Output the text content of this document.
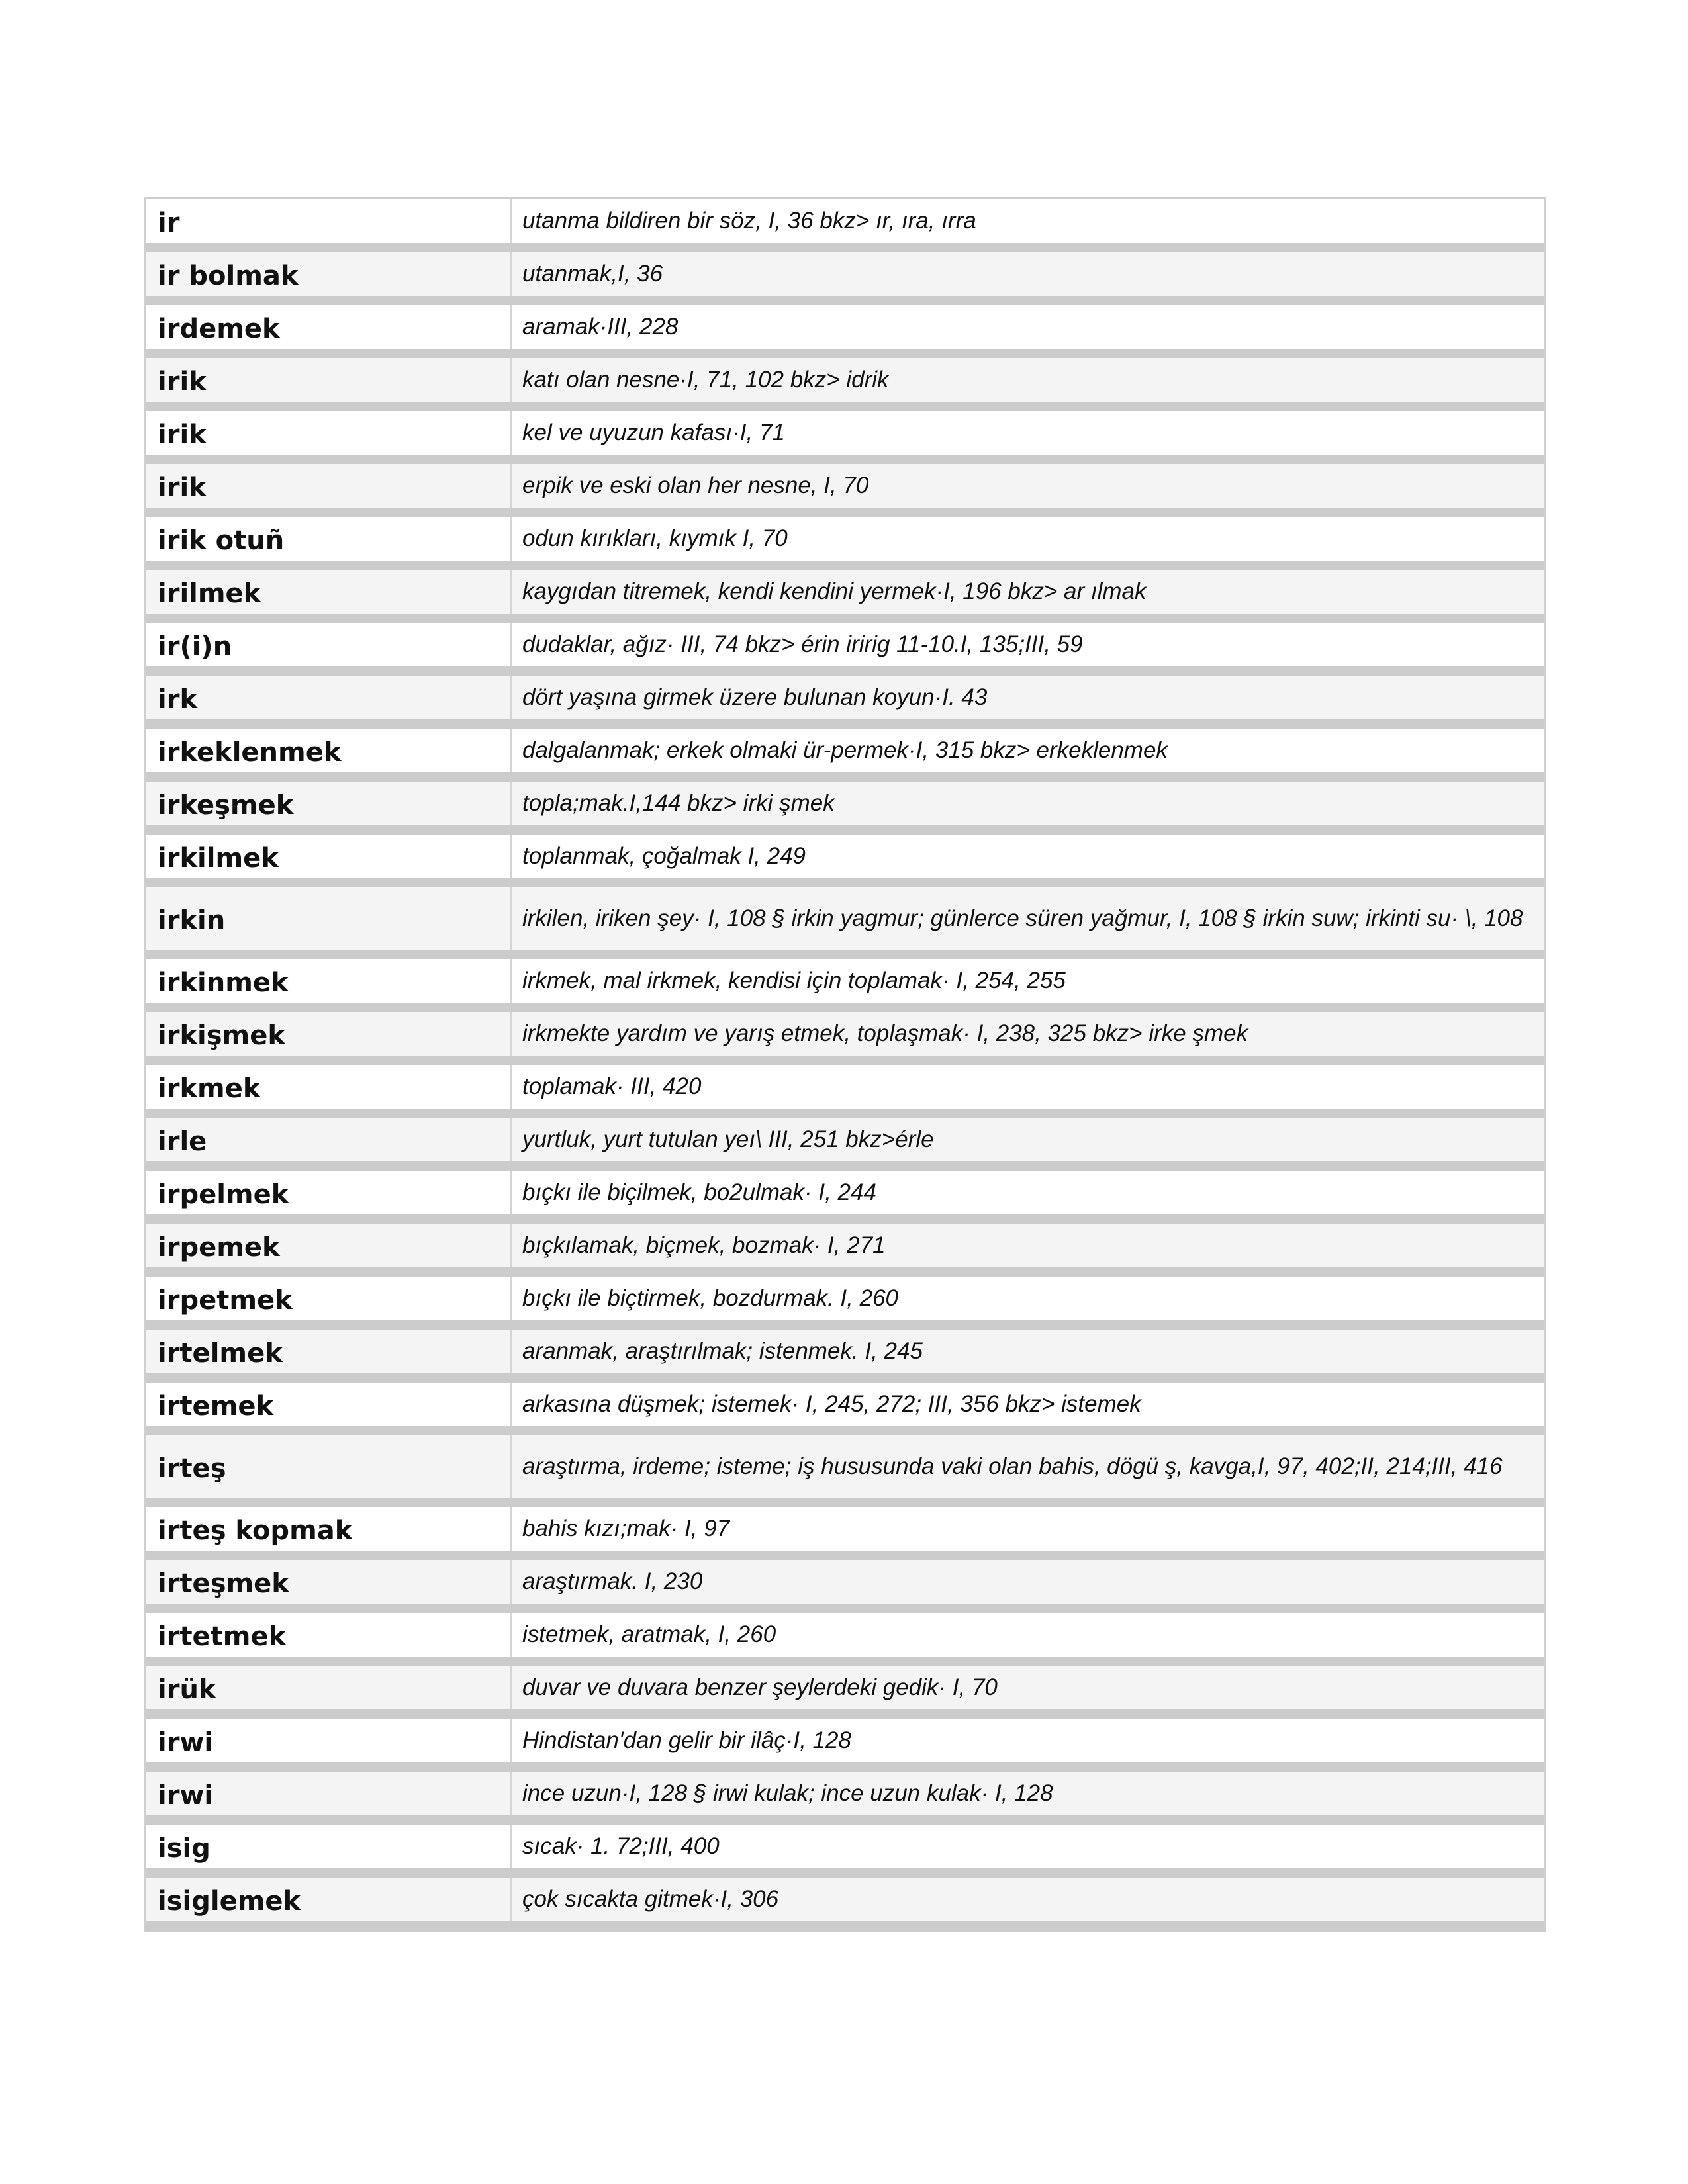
ir	utanma bildiren bir söz, I, 36 bkz> ır, ıra, ırra
ir bolmak	utanmak,I, 36
irdemek	aramak·III, 228
irik	katı olan nesne·I, 71, 102 bkz> idrik
irik	kel ve uyuzun kafası·I, 71
irik	erpik ve eski olan her nesne, I, 70
irik otuñ	odun kırıkları, kıymık I, 70
irilmek	kaygıdan titremek, kendi kendini yermek·I, 196 bkz> ar ılmak
ir(i)n	dudaklar, ağız· III, 74 bkz> érin iririg 11-10.I, 135;III, 59
irk	dört yaşına girmek üzere bulunan koyun·I. 43
irkeklenmek	dalgalanmak; erkek olmaki ür-permek·I, 315 bkz> erkeklenmek
irkeşmek	topla;mak.I,144 bkz> irki şmek
irkilmek	toplanmak, çoğalmak I, 249
irkin	irkilen, iriken şey· I, 108 § irkin yagmur; günlerce süren yağmur, I, 108 § irkin suw; irkinti su· \, 108
irkinmek	irkmek, mal irkmek, kendisi için toplamak· I, 254, 255
irkişmek	irkmekte yardım ve yarış etmek, toplaşmak· I, 238, 325 bkz> irke şmek
irkmek	toplamak· III, 420
irle	yurtluk, yurt tutulan yeı\ III, 251 bkz>érle
irpelmek	bıçkı ile biçilmek, bo2ulmak· I, 244
irpemek	bıçkılamak, biçmek, bozmak· I, 271
irpetmek	bıçkı ile biçtirmek, bozdurmak. I, 260
irtelmek	aranmak, araştırılmak; istenmek. I, 245
irtemek	arkasına düşmek; istemek· I, 245, 272; III, 356 bkz> istemek
irteş	araştırma, irdeme; isteme; iş hususunda vaki olan bahis, dögü ş, kavga,I, 97, 402;II, 214;III, 416
irteş kopmak	bahis kızı;mak· I, 97
irteşmek	araştırmak. I, 230
irtetmek	istetmek, aratmak, I, 260
irük	duvar ve duvara benzer şeylerdeki gedik· I, 70
irwi	Hindistan'dan gelir bir ilâç·I, 128
irwi	ince uzun·I, 128 § irwi kulak; ince uzun kulak· I, 128
isig	sıcak· 1. 72;III, 400
isiglemek	çok sıcakta gitmek·I, 306
